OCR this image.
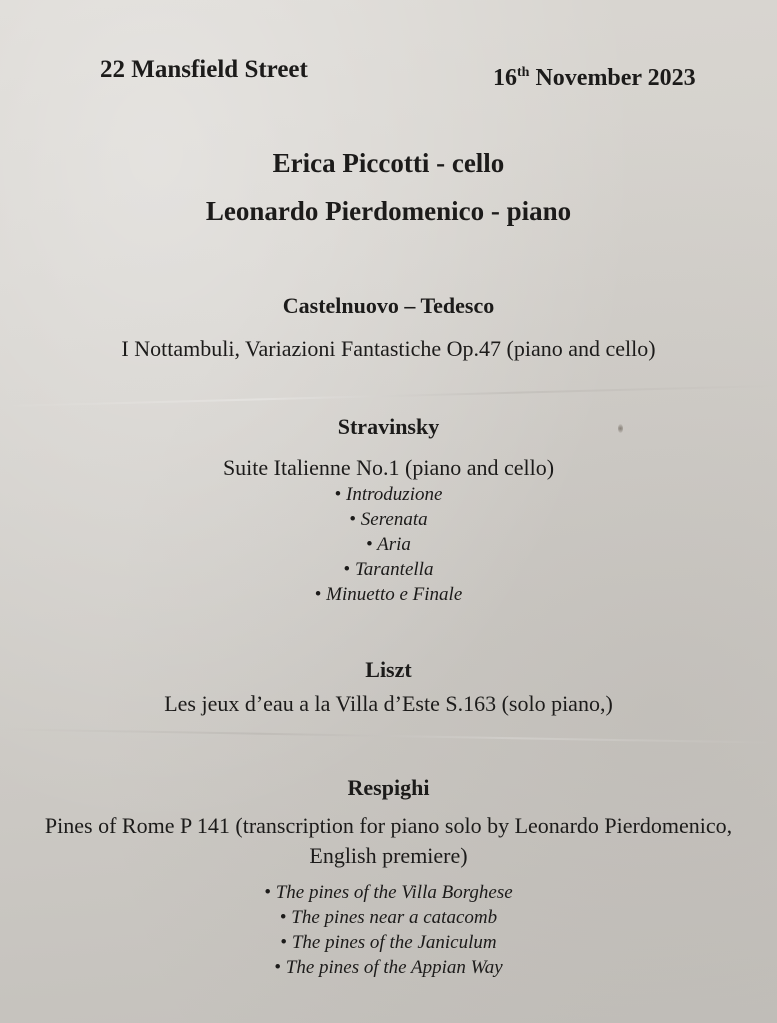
22 Mansfield Street	16th November 2023
Erica Piccotti - cello
Leonardo Pierdomenico - piano
Castelnuovo – Tedesco
I Nottambuli, Variazioni Fantastiche Op.47 (piano and cello)
Stravinsky
Suite Italienne No.1 (piano and cello)
• Introduzione
• Serenata
• Aria
• Tarantella
• Minuetto e Finale
Liszt
Les jeux d’eau a la Villa d’Este S.163 (solo piano,)
Respighi
Pines of Rome P 141 (transcription for piano solo by Leonardo Pierdomenico,
English premiere)
• The pines of the Villa Borghese
• The pines near a catacomb
• The pines of the Janiculum
• The pines of the Appian Way
